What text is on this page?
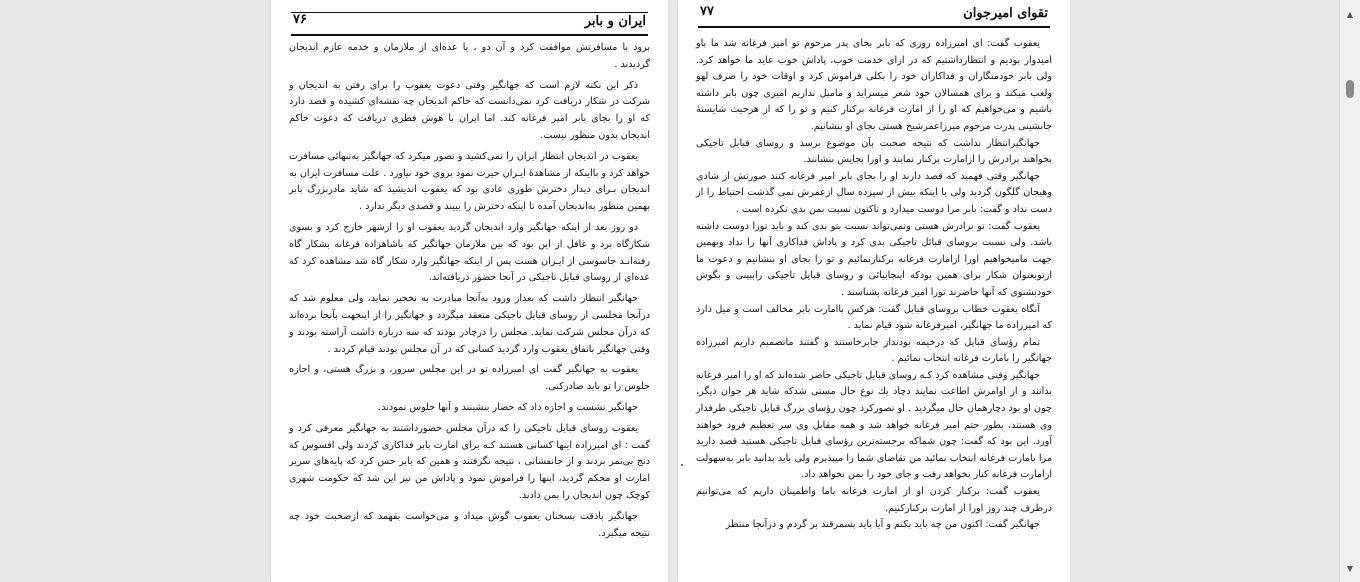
ایران و بابر
۷۶

برود با مسافرتش موافقت کرد و آن دو ، با عده‌ای از ملازمان و خدمه عازم اندیجان گردیدند .

ذکر این نکته لازم است که جهانگیر وقتی دعوت یعقوب را برای رفتن به اندیجان و شرکت در شکار دریافت کرد نمی‌دانست که حاکم اندیجان چه نقشه‌ای کشیده و قصد دارد که او را بجای بابر امیر فرغانه کند. اما ایران با هوش فطری دریافت که دعوت حاکم اندیجان بدون منظور نیست.

یعقوب در اندیجان انتظار ایران را نمی‌کشید و تصور میکرد که جهانگیر به‌تنهائی مسافرت خواهد کرد و بااینکه از مشاهدهٔ ایـران حیرت نمود بروی خود نیاورد . علت مسافرت ایران به اندیجان بـرای دیدار دخترش طوری عادی بود که یعقوب اندیشید که شاید مادربزرگ بابر بهمین منظور به‌اندیجان آمده تا اینکه دخترش را ببیند و قصدی دیگر ندارد .

دو روز بعد از اینکه جهانگیر وارد اندیجان گردید یعقوب او را ازشهر خارج کرد و بسوی شکارگاه برد و غافل از این بود که بین ملازمان جهانگیر که باشاهزاده فرغانه بشکار گاه رفته‌انـد جاسوسی از ایـران هست پس از اینکه جهانگیر وارد شکار گاه شد مشاهده کرد که عده‌ای از روسای قبایل تاجیکی در آنجا حضور دریافته‌اند.

جهانگیر انتظار داشت که بعداز ورود به‌آنجا مبادرت به نخجیر نماید، ولی معلوم شد که درآنجا مجلسی از روسای قبایل تاجیکی منعقد میگردد و جهانگیر را از اینجهت بآنجا برده‌اند که درآن مجلس شرکت نماید. مجلس را درچادر بودند که سه درباره داشت آراسته بودند و وقتی جهانگیر باتفاق یعقوب وارد گردید کسانی که در آن مجلس بودند قیام کردند .

یعقوب به جهانگیر گفت ای امیرزاده تو در این مجلس سرور، و بزرگ هستی، و اجازه جلوس را تو باید صادرکنی.

جهانگیر نشست و اجازه داد که حضار بنشینند و آنها جلوس نمودند.

یعقوب روسای قبایل تاجیکی را که درآن مجلس حضورداشتند به جهانگیر معرفی کرد و گفت : ای امیرزاده اینها کسانی هستند کـه برای امارت بابر فداکاری کردند ولی افسوس که دنج بی‌ثمر بردند و از جانفشانی ، نتیجه نگرفتند و همین که بابر حس کرد که پایه‌های سریر امارت او محکم گردید، اینها را فراموش نمود و پاداش من نیز این شد که حکومت شهری کوچک چون اندیجان را بمن دادند.

جهانگیر باذقت بسخنان یعقوب گوش میداد و می‌خواست بفهمد که ازصحبت خود چه نتیجه میگیرد.

تقوای امیرجوان
۷۷

یعقوب گفت: ای امیرزاده روزی که بابر بجای پدر مرحوم تو امیر فرغانه شد ما باو امیدوار بودیم و انتظارداشتیم که در ازای خدمت خوب، پاداش خوب عاید ما خواهد کرد. ولی بابر خودمتگاران و فداکاران خود را بکلی فراموش کرد و اوقات خود را صرف لهو ولعب میکند و برای همسالان خود شعر میسراید و مامیل نداریم امیری چون بابر داشته باشیم و می‌خواهیم که او را از امارت فرغانه برکنار کنیم و تو را که از هرحیث شایستهٔ جانشینی پدرت مرحوم میرزاعمرشیخ هستی بجای او بنشانیم.

جهانگیرانتظار نداشت که نتیجه صحبت بآن موضوع برسد و روسای قبایل تاجیکی بخواهند برادرش را ازامارت برکنار نمایند و اورا بجایش بنشانند.

جهانگیر وقتی فهمید که قصد دارند او را بجای بابر امیر فرغانه کنند صورتش از شادی وهیجان گلگون گردید ولی با اینکه بیش از سیزده سال ازعمرش نمی گذشت احتیاط را از دست نداد و گفت: بابر مرا دوست میدارد و تاکنون نسبت بمن بدی نکرده است .

یعقوب گفت: تو برادرش هستی ونمی‌تواند نسبت بتو بدی کند و باید تورا دوست داشته باشد. ولی نسبت بروسای قبائل تاجیکی بدی کرد و پاداش فداکاری آنها را نداد وبهمین جهت مامیخواهیم اورا ازامارت فرغانه برکنارنمائیم و تو را بجای او بنشانیم و دعوت ما ازتوبعنوان شکار برای همین بودکه اینجابیائی و روسای قبایل تاجیکی راببینی و بگوش خودبشنوی که آنها حاضرند تورا امیر فرغانه بشناسند .

آنگاه یعقوب خطاب بروسای قبایل گفت: هرکس باامارت بابر مخالف است و میل دارد که امیرزاده ما جهانگیر، امیرفرغانه شود قیام نماید .

تمام رؤسای قبایل که درخیمه بودنداز جابرخاستند و گفتند ماتصمیم داریم امیرزاده جهانگیر را بامارت فرغانه انتخاب نمائیم .

جهانگیر وقتی مشاهده کرد کـه روسای قبایل تاجیکی حاضر شده‌اند که او را امیر فرغانه بدانند و از اوامرش اطاعت نمایند دچاد یك نوع حال مستی شدکه شاید هر جوان دیگر، چون او بود دچارهمان حال میگردید . او تصورکرد چون رؤسای بزرگ قبایل تاجیکی طرفدار وی هستند، بطور حتم امیر فرغانه خواهد شد و همه مقابل وی سر تعظیم فرود خواهند آورد. این بود که گفت: چون شماکه برجسته‌ترین رؤسای قبایل تاجیکی هستید قصد دارید مرا بامارت فرغانه انتخاب نمائید من تقاضای شما را میپذیرم ولی باید بدانید بابر به‌سهولت ازامارت فرغانه کنار نخواهد رفت و جای خود را بمن نخواهد داد.

یعقوب گفت: برکنار کردن او از امارت فرغانه باما واطمینان داریم که می‌توانیم درظرف چند روز اورا از امارت برکنارکنیم.

جهانگیر گفت: اکنون من چه باید بکنم و آیا باید بسمرقند بر گردم و درآنجا منتظر

▲
▼
